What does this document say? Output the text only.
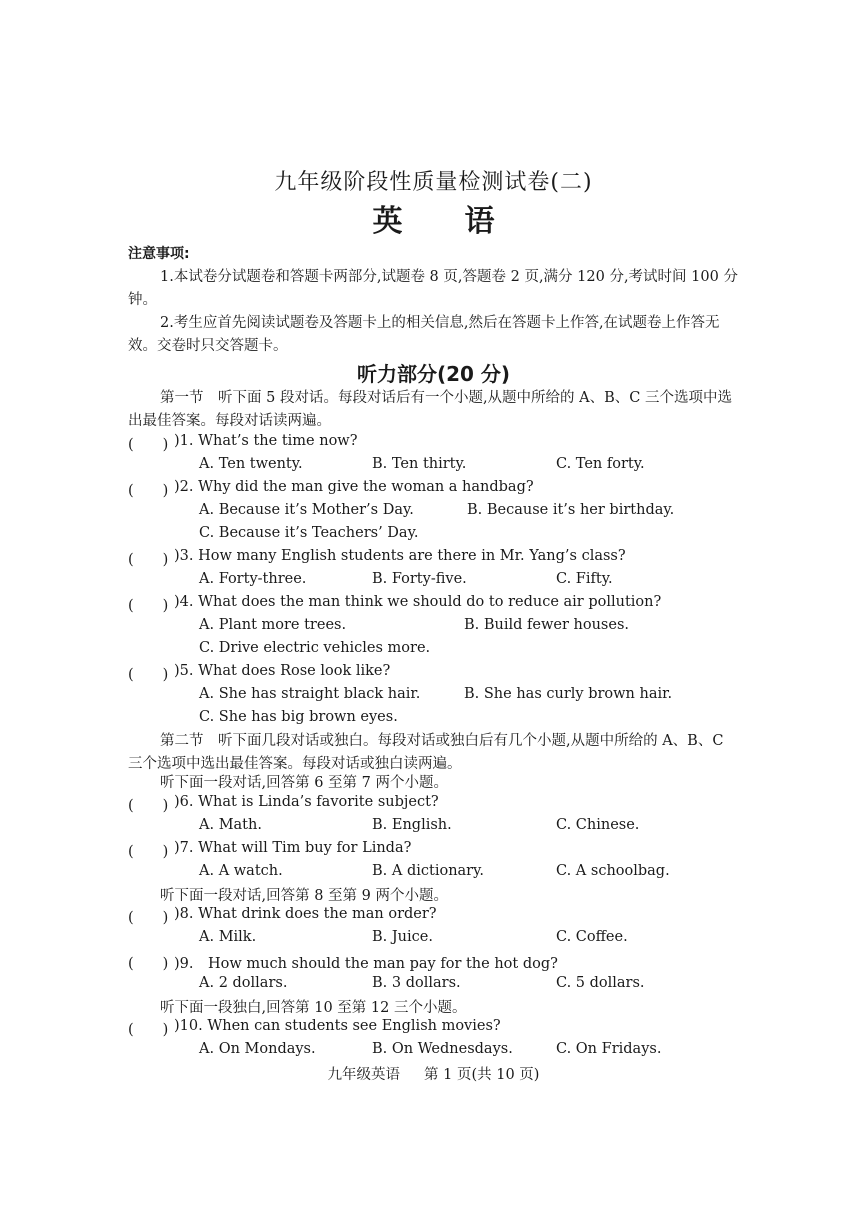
九年级阶段性质量检测试卷(二)
英 语
注意事项:
1.本试卷分试题卷和答题卡两部分,试题卷 8 页,答题卷 2 页,满分 120 分,考试时间 100 分钟。
2.考生应首先阅读试题卷及答题卡上的相关信息,然后在答题卡上作答,在试题卷上作答无效。交卷时只交答题卡。
听力部分(20 分)
第一节　听下面 5 段对话。每段对话后有一个小题,从题中所给的 A、B、C 三个选项中选出最佳答案。每段对话读两遍。
(　　) )1. What’s the time now?
A. Ten twenty.	B. Ten thirty.	C. Ten forty.
(　　) )2. Why did the man give the woman a handbag?
A. Because it’s Mother’s Day.	B. Because it’s her birthday.
C. Because it’s Teachers’ Day.
(　　) )3. How many English students are there in Mr. Yang’s class?
A. Forty-three.	B. Forty-five.	C. Fifty.
(　　) )4. What does the man think we should do to reduce air pollution?
A. Plant more trees.	B. Build fewer houses.
C. Drive electric vehicles more.
(　　) )5. What does Rose look like?
A. She has straight black hair.	B. She has curly brown hair.
C. She has big brown eyes.
第二节　听下面几段对话或独白。每段对话或独白后有几个小题,从题中所给的 A、B、C 三个选项中选出最佳答案。每段对话或独白读两遍。
听下面一段对话,回答第 6 至第 7 两个小题。
(　　) )6. What is Linda’s favorite subject?
A. Math.	B. English.	C. Chinese.
(　　) )7. What will Tim buy for Linda?
A. A watch.	B. A dictionary.	C. A schoolbag.
听下面一段对话,回答第 8 至第 9 两个小题。
(　　) )8. What drink does the man order?
A. Milk.	B. Juice.	C. Coffee.
(　　) )9.　How much should the man pay for the hot dog?
A. 2 dollars.	B. 3 dollars.	C. 5 dollars.
听下面一段独白,回答第 10 至第 12 三个小题。
(　　) )10. When can students see English movies?
A. On Mondays.	B. On Wednesdays.	C. On Fridays.
九年级英语 第 1 页(共 10 页)
